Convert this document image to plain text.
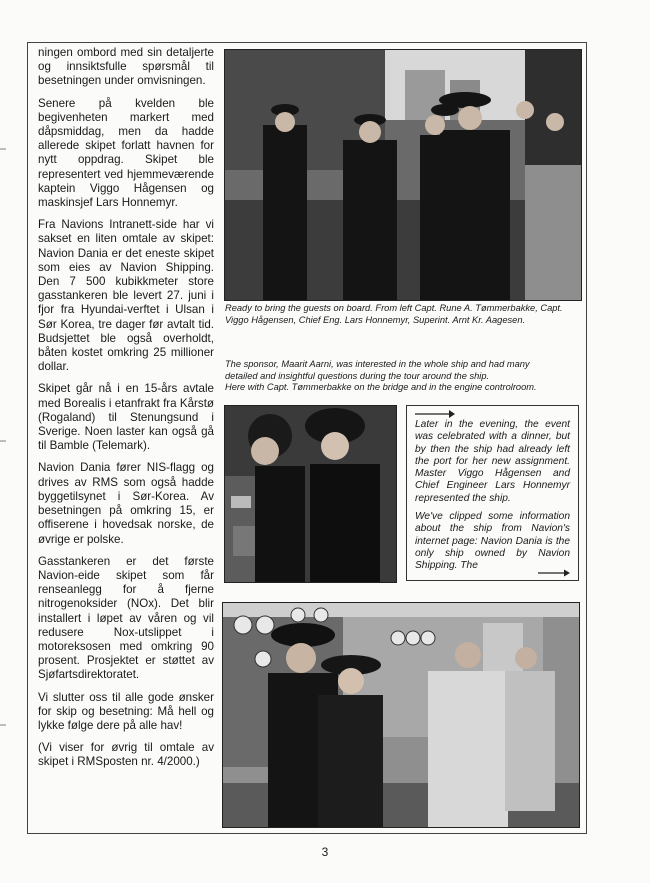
ningen ombord med sin detaljerte og innsiktsfulle spørsmål til besetningen under omvisningen.

Senere på kvelden ble begivenheten markert med dåpsmiddag, men da hadde allerede skipet forlatt havnen for nytt oppdrag. Skipet ble representert ved hjemmeværende kaptein Viggo Hågensen og maskinsjef Lars Honnemyr.

Fra Navions Intranett-side har vi sakset en liten omtale av skipet: Navion Dania er det eneste skipet som eies av Navion Shipping. Den 7 500 kubikkmeter store gasstankeren ble levert 27. juni i fjor fra Hyundai-verftet i Ulsan i Sør Korea, tre dager før avtalt tid. Budsjettet ble også overholdt, båten kostet omkring 25 millioner dollar.

Skipet går nå i en 15-års avtale med Borealis i etanfrakt fra Kårstø (Rogaland) til Stenungsund i Sverige. Noen laster kan også gå til Bamble (Telemark).

Navion Dania fører NIS-flagg og drives av RMS som også hadde byggetilsynet i Sør-Korea. Av besetningen på omkring 15, er offiserene i hovedsak norske, de øvrige er polske.

Gasstankeren er det første Navion-eide skipet som får renseanlegg for å fjerne nitrogenoksider (NOx). Det blir installert i løpet av våren og vil redusere Nox-utslippet i motoreksosen med omkring 90 prosent. Prosjektet er støttet av Sjøfartsdirektoratet.

Vi slutter oss til alle gode ønsker for skip og besetning: Må hell og lykke følge dere på alle hav!

(Vi viser for øvrig til omtale av skipet i RMSposten nr. 4/2000.)

Ready to bring the guests on board. From left Capt. Rune A. Tømmerbakke, Capt. Viggo Hågensen, Chief Eng. Lars Honnemyr, Superint. Arnt Kr. Aagesen.
The sponsor, Maarit Aarni, was interested in the whole ship and had many
detailed and insightful questions during the tour around the ship.
Here with Capt. Tømmerbakke on the bridge and in the engine controlroom.

Later in the evening, the event was celebrated with a dinner, but by then the ship had already left the port for her new assignment. Master Viggo Hågensen and Chief Engineer Lars Honnemyr represented the ship.

We've clipped some information about the ship from Navion's internet page: Navion Dania is the only ship owned by Navion Shipping. The

3
